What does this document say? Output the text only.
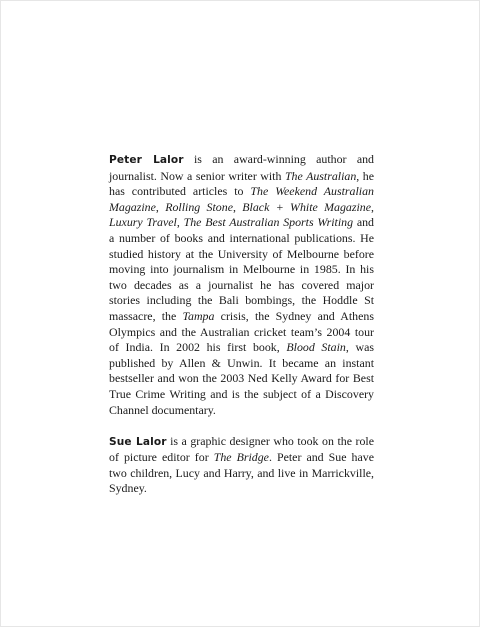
Peter Lalor is an award-winning author and journalist. Now a senior writer with The Australian, he has contributed articles to The Weekend Australian Magazine, Rolling Stone, Black + White Magazine, Luxury Travel, The Best Australian Sports Writing and a number of books and international publications. He studied history at the University of Melbourne before moving into journalism in Melbourne in 1985. In his two decades as a journalist he has covered major stories including the Bali bombings, the Hoddle St massacre, the Tampa crisis, the Sydney and Athens Olympics and the Australian cricket team’s 2004 tour of India. In 2002 his first book, Blood Stain, was published by Allen & Unwin. It became an instant bestseller and won the 2003 Ned Kelly Award for Best True Crime Writing and is the subject of a Discovery Channel documentary.

Sue Lalor is a graphic designer who took on the role of picture editor for The Bridge. Peter and Sue have two children, Lucy and Harry, and live in Marrickville, Sydney.
